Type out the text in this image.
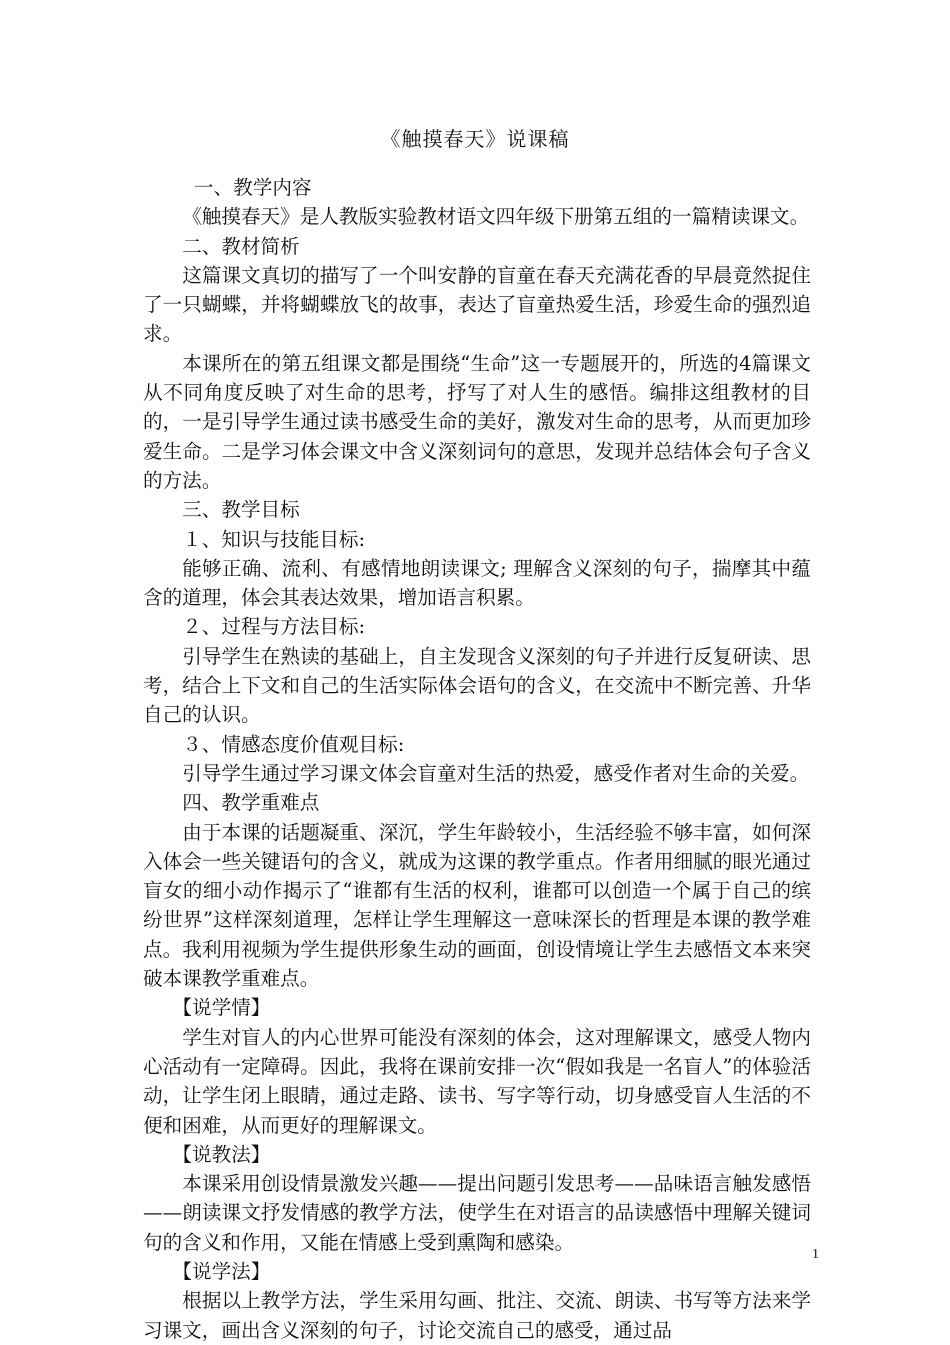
《触摸春天》说课稿

一、教学内容

《触摸春天》是人教版实验教材语文四年级下册第五组的一篇精读课文。

二、教材简析

这篇课文真切的描写了一个叫安静的盲童在春天充满花香的早晨竟然捉住了一只蝴蝶，并将蝴蝶放飞的故事，表达了盲童热爱生活，珍爱生命的强烈追求。

本课所在的第五组课文都是围绕“生命”这一专题展开的，所选的4篇课文从不同角度反映了对生命的思考，抒写了对人生的感悟。编排这组教材的目的，一是引导学生通过读书感受生命的美好，激发对生命的思考，从而更加珍爱生命。二是学习体会课文中含义深刻词句的意思，发现并总结体会句子含义的方法。

三、教学目标

１、知识与技能目标:

能够正确、流利、有感情地朗读课文; 理解含义深刻的句子，揣摩其中蕴含的道理，体会其表达效果，增加语言积累。

２、过程与方法目标:

引导学生在熟读的基础上，自主发现含义深刻的句子并进行反复研读、思考，结合上下文和自己的生活实际体会语句的含义，在交流中不断完善、升华自己的认识。

３、情感态度价值观目标:

引导学生通过学习课文体会盲童对生活的热爱，感受作者对生命的关爱。

四、教学重难点

由于本课的话题凝重、深沉，学生年龄较小，生活经验不够丰富，如何深入体会一些关键语句的含义，就成为这课的教学重点。作者用细腻的眼光通过盲女的细小动作揭示了“谁都有生活的权利，谁都可以创造一个属于自己的缤纷世界”这样深刻道理，怎样让学生理解这一意味深长的哲理是本课的教学难点。我利用视频为学生提供形象生动的画面，创设情境让学生去感悟文本来突破本课教学重难点。

【说学情】

学生对盲人的内心世界可能没有深刻的体会，这对理解课文，感受人物内心活动有一定障碍。因此，我将在课前安排一次“假如我是一名盲人”的体验活动，让学生闭上眼睛，通过走路、读书、写字等行动，切身感受盲人生活的不便和困难，从而更好的理解课文。

【说教法】

本课采用创设情景激发兴趣——提出问题引发思考——品味语言触发感悟——朗读课文抒发情感的教学方法，使学生在对语言的品读感悟中理解关键词句的含义和作用，又能在情感上受到熏陶和感染。

【说学法】

根据以上教学方法，学生采用勾画、批注、交流、朗读、书写等方法来学习课文，画出含义深刻的句子，讨论交流自己的感受，通过品

1
